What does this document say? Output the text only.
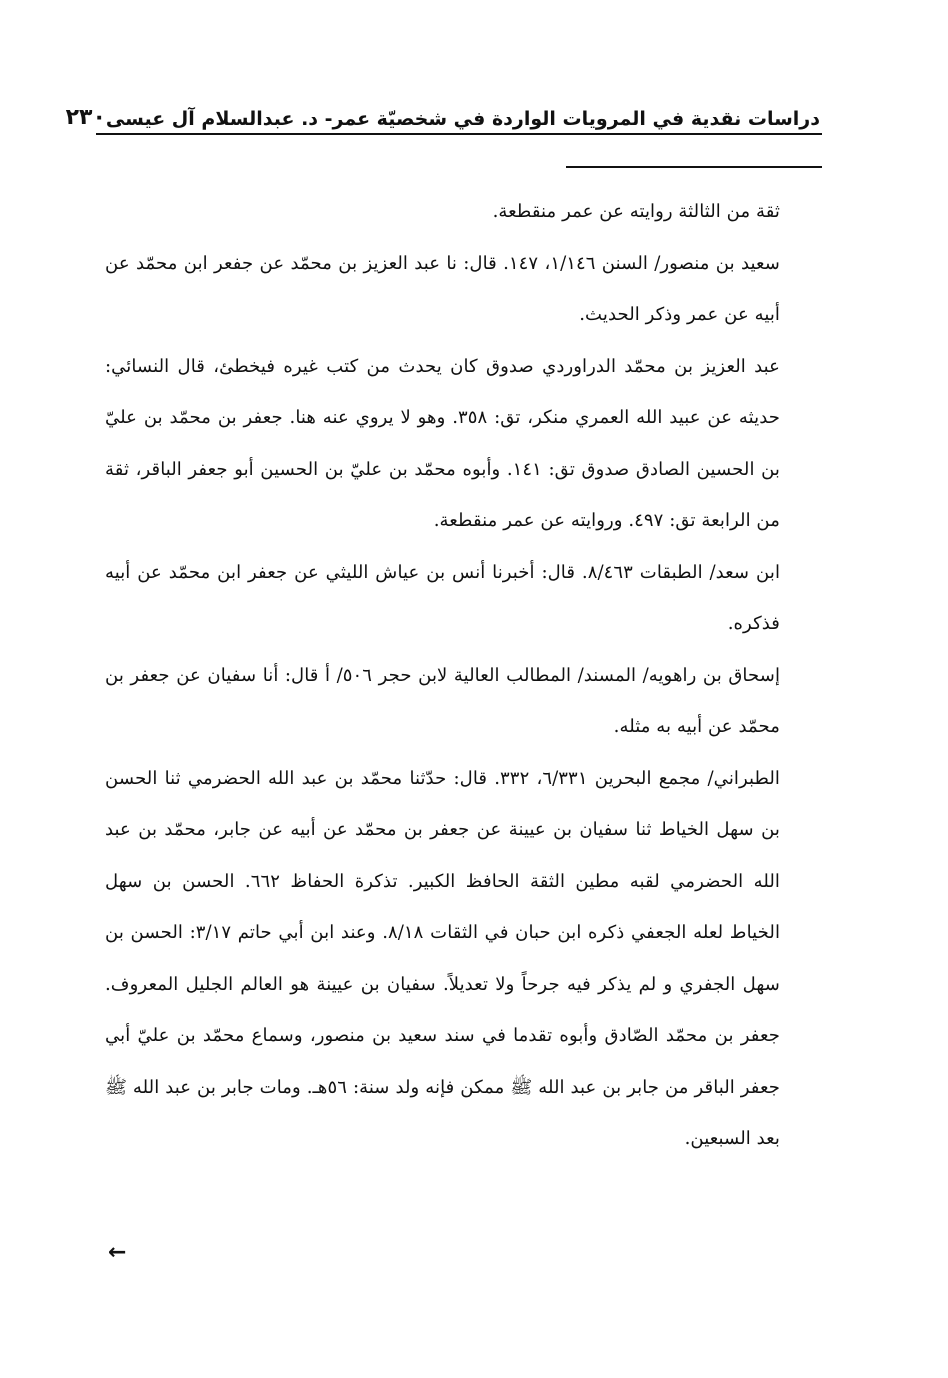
دراسات نقدية في المرويات الواردة في شخصيّة عمر- د. عبدالسلام آل عيسى
٢٣٠

ثقة من الثالثة روايته عن عمر منقطعة.

سعيد بن منصور/ السنن ١/١٤٦، ١٤٧. قال: نا عبد العزيز بن محمّد عن جفعر ابن محمّد عن أبيه عن عمر وذكر الحديث.

عبد العزيز بن محمّد الدراوردي صدوق كان يحدث من كتب غيره فيخطئ، قال النسائي: حديثه عن عبيد الله العمري منكر، تق: ٣٥٨. وهو لا يروي عنه هنا. جعفر بن محمّد بن عليّ بن الحسين الصادق صدوق تق: ١٤١. وأبوه محمّد بن عليّ بن الحسين أبو جعفر الباقر، ثقة من الرابعة تق: ٤٩٧. وروايته عن عمر منقطعة.

ابن سعد/ الطبقات ٨/٤٦٣. قال: أخبرنا أنس بن عياش الليثي عن جعفر ابن محمّد عن أبيه فذكره.

إسحاق بن راهويه/ المسند/ المطالب العالية لابن حجر ٥٠٦/ أ قال: أنا سفيان عن جعفر بن محمّد عن أبيه به مثله.

الطبراني/ مجمع البحرين ٦/٣٣١، ٣٣٢. قال: حدّثنا محمّد بن عبد الله الحضرمي ثنا الحسن بن سهل الخياط ثنا سفيان بن عيينة عن جعفر بن محمّد عن أبيه عن جابر، محمّد بن عبد الله الحضرمي لقبه مطين الثقة الحافظ الكبير. تذكرة الحفاظ ٦٦٢. الحسن بن سهل الخياط لعله الجعفي ذكره ابن حبان في الثقات ٨/١٨. وعند ابن أبي حاتم ٣/١٧: الحسن بن سهل الجفري و لم يذكر فيه جرحاً ولا تعديلاً. سفيان بن عيينة هو العالم الجليل المعروف. جعفر بن محمّد الصّادق وأبوه تقدما في سند سعيد بن منصور، وسماع محمّد بن عليّ أبي جعفر الباقر من جابر بن عبد الله ﷺ ممكن فإنه ولد سنة: ٥٦هـ. ومات جابر بن عبد الله ﷺ بعد السبعين.

←
